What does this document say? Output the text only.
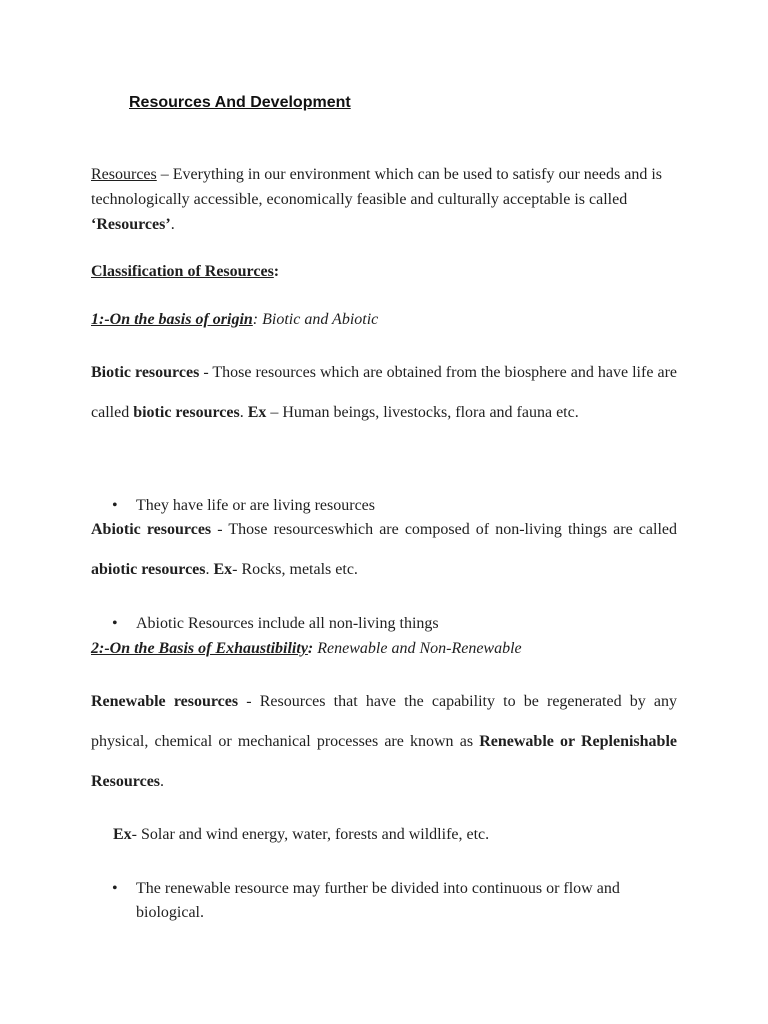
Resources And Development

Resources – Everything in our environment which can be used to satisfy our needs and is technologically accessible, economically feasible and culturally acceptable is called ‘Resources’.

Classification of Resources:

1:-On the basis of origin: Biotic and Abiotic

Biotic resources - Those resources which are obtained from the biosphere and have life are called biotic resources. Ex – Human beings, livestocks, flora and fauna etc.

• They have life or are living resources

Abiotic resources - Those resourceswhich are composed of non-living things are called abiotic resources. Ex- Rocks, metals etc.

• Abiotic Resources include all non-living things

2:-On the Basis of Exhaustibility: Renewable and Non-Renewable

Renewable resources - Resources that have the capability to be regenerated by any physical, chemical or mechanical processes are known as Renewable or Replenishable Resources.

Ex- Solar and wind energy, water, forests and wildlife, etc.
• The renewable resource may further be divided into continuous or flow and biological.
